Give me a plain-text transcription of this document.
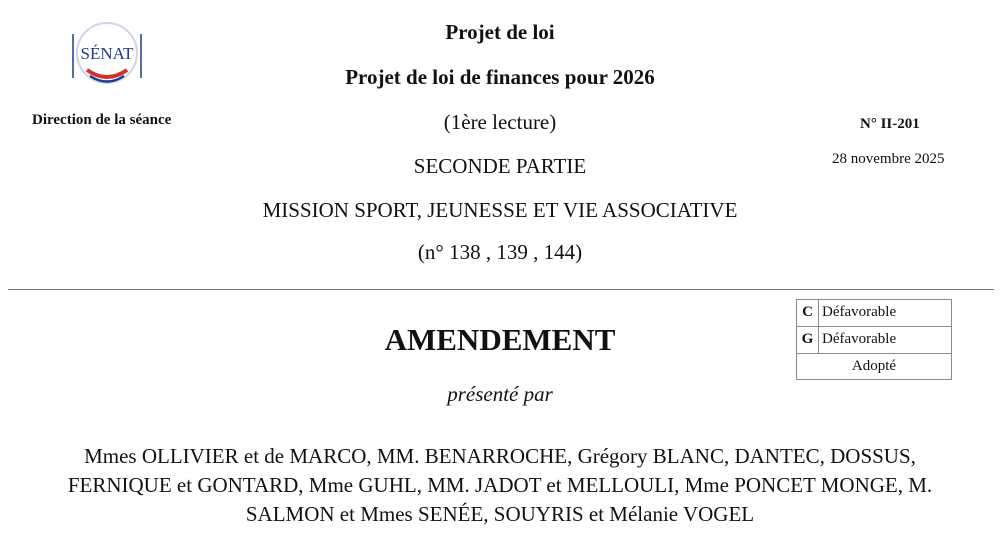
SÉNAT
Direction de la séance
Projet de loi
Projet de loi de finances pour 2026
(1ère lecture)
SECONDE PARTIE
MISSION SPORT, JEUNESSE ET VIE ASSOCIATIVE
(n° 138 , 139 , 144)
N° II-201
28 novembre 2025
C Défavorable
G Défavorable
Adopté
AMENDEMENT
présenté par
Mmes OLLIVIER et de MARCO, MM. BENARROCHE, Grégory BLANC, DANTEC, DOSSUS,
FERNIQUE et GONTARD, Mme GUHL, MM. JADOT et MELLOULI, Mme PONCET MONGE, M.
SALMON et Mmes SENÉE, SOUYRIS et Mélanie VOGEL
